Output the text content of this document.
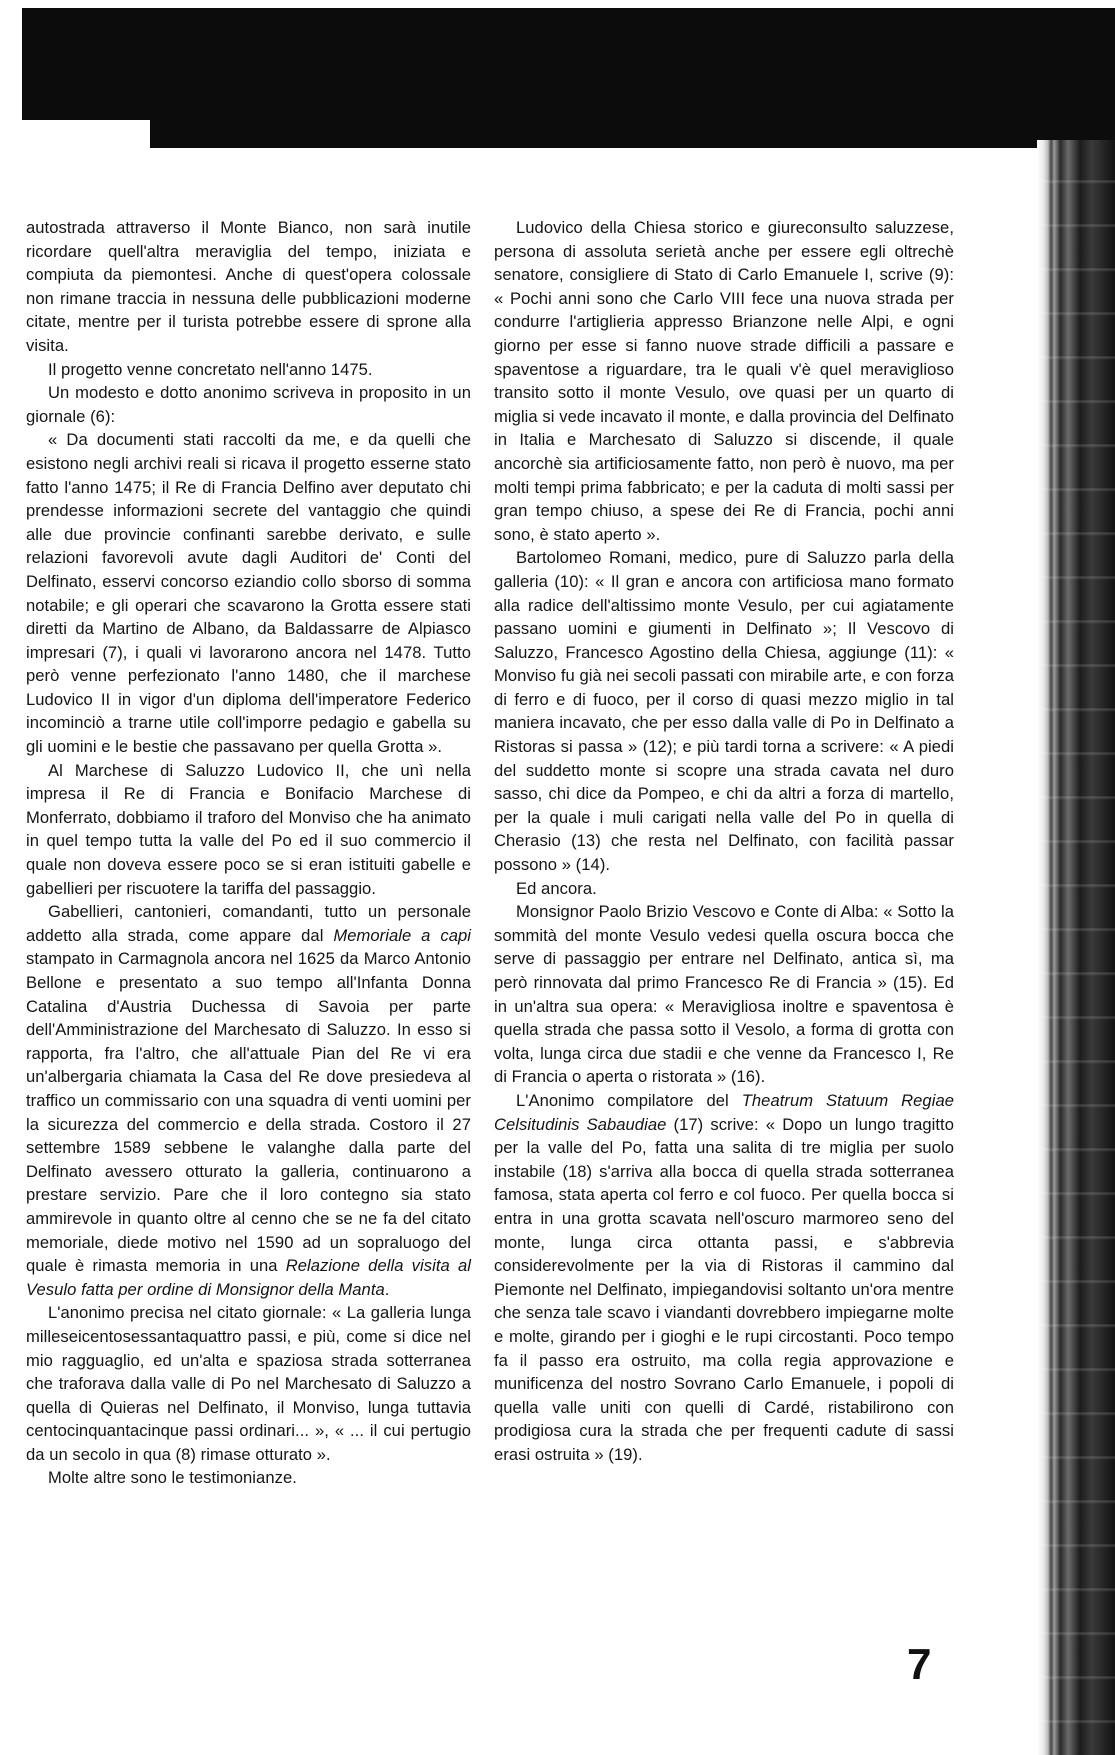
autostrada attraverso il Monte Bianco, non sarà inutile ricordare quell'altra meraviglia del tempo, iniziata e compiuta da piemontesi. Anche di quest'opera colossale non rimane traccia in nessuna delle pubblicazioni moderne citate, mentre per il turista potrebbe essere di sprone alla visita.

Il progetto venne concretato nell'anno 1475.

Un modesto e dotto anonimo scriveva in proposito in un giornale (6):

« Da documenti stati raccolti da me, e da quelli che esistono negli archivi reali si ricava il progetto esserne stato fatto l'anno 1475; il Re di Francia Delfino aver deputato chi prendesse informazioni secrete del vantaggio che quindi alle due provincie confinanti sarebbe derivato, e sulle relazioni favorevoli avute dagli Auditori de' Conti del Delfinato, esservi concorso eziandio collo sborso di somma notabile; e gli operari che scavarono la Grotta essere stati diretti da Martino de Albano, da Baldassarre de Alpiasco impresari (7), i quali vi lavorarono ancora nel 1478. Tutto però venne perfezionato l'anno 1480, che il marchese Ludovico II in vigor d'un diploma dell'imperatore Federico incominciò a trarne utile coll'imporre pedagio e gabella su gli uomini e le bestie che passavano per quella Grotta ».

Al Marchese di Saluzzo Ludovico II, che unì nella impresa il Re di Francia e Bonifacio Marchese di Monferrato, dobbiamo il traforo del Monviso che ha animato in quel tempo tutta la valle del Po ed il suo commercio il quale non doveva essere poco se si eran istituiti gabelle e gabellieri per riscuotere la tariffa del passaggio.

Gabellieri, cantonieri, comandanti, tutto un personale addetto alla strada, come appare dal Memoriale a capi stampato in Carmagnola ancora nel 1625 da Marco Antonio Bellone e presentato a suo tempo all'Infanta Donna Catalina d'Austria Duchessa di Savoia per parte dell'Amministrazione del Marchesato di Saluzzo. In esso si rapporta, fra l'altro, che all'attuale Pian del Re vi era un'albergaria chiamata la Casa del Re dove presiedeva al traffico un commissario con una squadra di venti uomini per la sicurezza del commercio e della strada. Costoro il 27 settembre 1589 sebbene le valanghe dalla parte del Delfinato avessero otturato la galleria, continuarono a prestare servizio. Pare che il loro contegno sia stato ammirevole in quanto oltre al cenno che se ne fa del citato memoriale, diede motivo nel 1590 ad un sopraluogo del quale è rimasta memoria in una Relazione della visita al Vesulo fatta per ordine di Monsignor della Manta.

L'anonimo precisa nel citato giornale: « La galleria lunga milleseicentosessantaquattro passi, e più, come si dice nel mio ragguaglio, ed un'alta e spaziosa strada sotterranea che traforava dalla valle di Po nel Marchesato di Saluzzo a quella di Quieras nel Delfinato, il Monviso, lunga tuttavia centocinquantacinque passi ordinari... », « ... il cui pertugio da un secolo in qua (8) rimase otturato ».

Molte altre sono le testimonianze.

Ludovico della Chiesa storico e giureconsulto saluzzese, persona di assoluta serietà anche per essere egli oltrechè senatore, consigliere di Stato di Carlo Emanuele I, scrive (9): « Pochi anni sono che Carlo VIII fece una nuova strada per condurre l'artiglieria appresso Brianzone nelle Alpi, e ogni giorno per esse si fanno nuove strade difficili a passare e spaventose a riguardare, tra le quali v'è quel meraviglioso transito sotto il monte Vesulo, ove quasi per un quarto di miglia si vede incavato il monte, e dalla provincia del Delfinato in Italia e Marchesato di Saluzzo si discende, il quale ancorchè sia artificiosamente fatto, non però è nuovo, ma per molti tempi prima fabbricato; e per la caduta di molti sassi per gran tempo chiuso, a spese dei Re di Francia, pochi anni sono, è stato aperto ».

Bartolomeo Romani, medico, pure di Saluzzo parla della galleria (10): « Il gran e ancora con artificiosa mano formato alla radice dell'altissimo monte Vesulo, per cui agiatamente passano uomini e giumenti in Delfinato »; Il Vescovo di Saluzzo, Francesco Agostino della Chiesa, aggiunge (11): « Monviso fu già nei secoli passati con mirabile arte, e con forza di ferro e di fuoco, per il corso di quasi mezzo miglio in tal maniera incavato, che per esso dalla valle di Po in Delfinato a Ristoras si passa » (12); e più tardi torna a scrivere: « A piedi del suddetto monte si scopre una strada cavata nel duro sasso, chi dice da Pompeo, e chi da altri a forza di martello, per la quale i muli carigati nella valle del Po in quella di Cherasio (13) che resta nel Delfinato, con facilità passar possono » (14).

Ed ancora.

Monsignor Paolo Brizio Vescovo e Conte di Alba: « Sotto la sommità del monte Vesulo vedesi quella oscura bocca che serve di passaggio per entrare nel Delfinato, antica sì, ma però rinnovata dal primo Francesco Re di Francia » (15). Ed in un'altra sua opera: « Meravigliosa inoltre e spaventosa è quella strada che passa sotto il Vesolo, a forma di grotta con volta, lunga circa due stadii e che venne da Francesco I, Re di Francia o aperta o ristorata » (16).

L'Anonimo compilatore del Theatrum Statuum Regiae Celsitudinis Sabaudiae (17) scrive: « Dopo un lungo tragitto per la valle del Po, fatta una salita di tre miglia per suolo instabile (18) s'arriva alla bocca di quella strada sotterranea famosa, stata aperta col ferro e col fuoco. Per quella bocca si entra in una grotta scavata nell'oscuro marmoreo seno del monte, lunga circa ottanta passi, e s'abbrevia considerevolmente per la via di Ristoras il cammino dal Piemonte nel Delfinato, impiegandovisi soltanto un'ora mentre che senza tale scavo i viandanti dovrebbero impiegarne molte e molte, girando per i gioghi e le rupi circostanti. Poco tempo fa il passo era ostruito, ma colla regia approvazione e munificenza del nostro Sovrano Carlo Emanuele, i popoli di quella valle uniti con quelli di Cardé, ristabilirono con prodigiosa cura la strada che per frequenti cadute di sassi erasi ostruita » (19).

7
